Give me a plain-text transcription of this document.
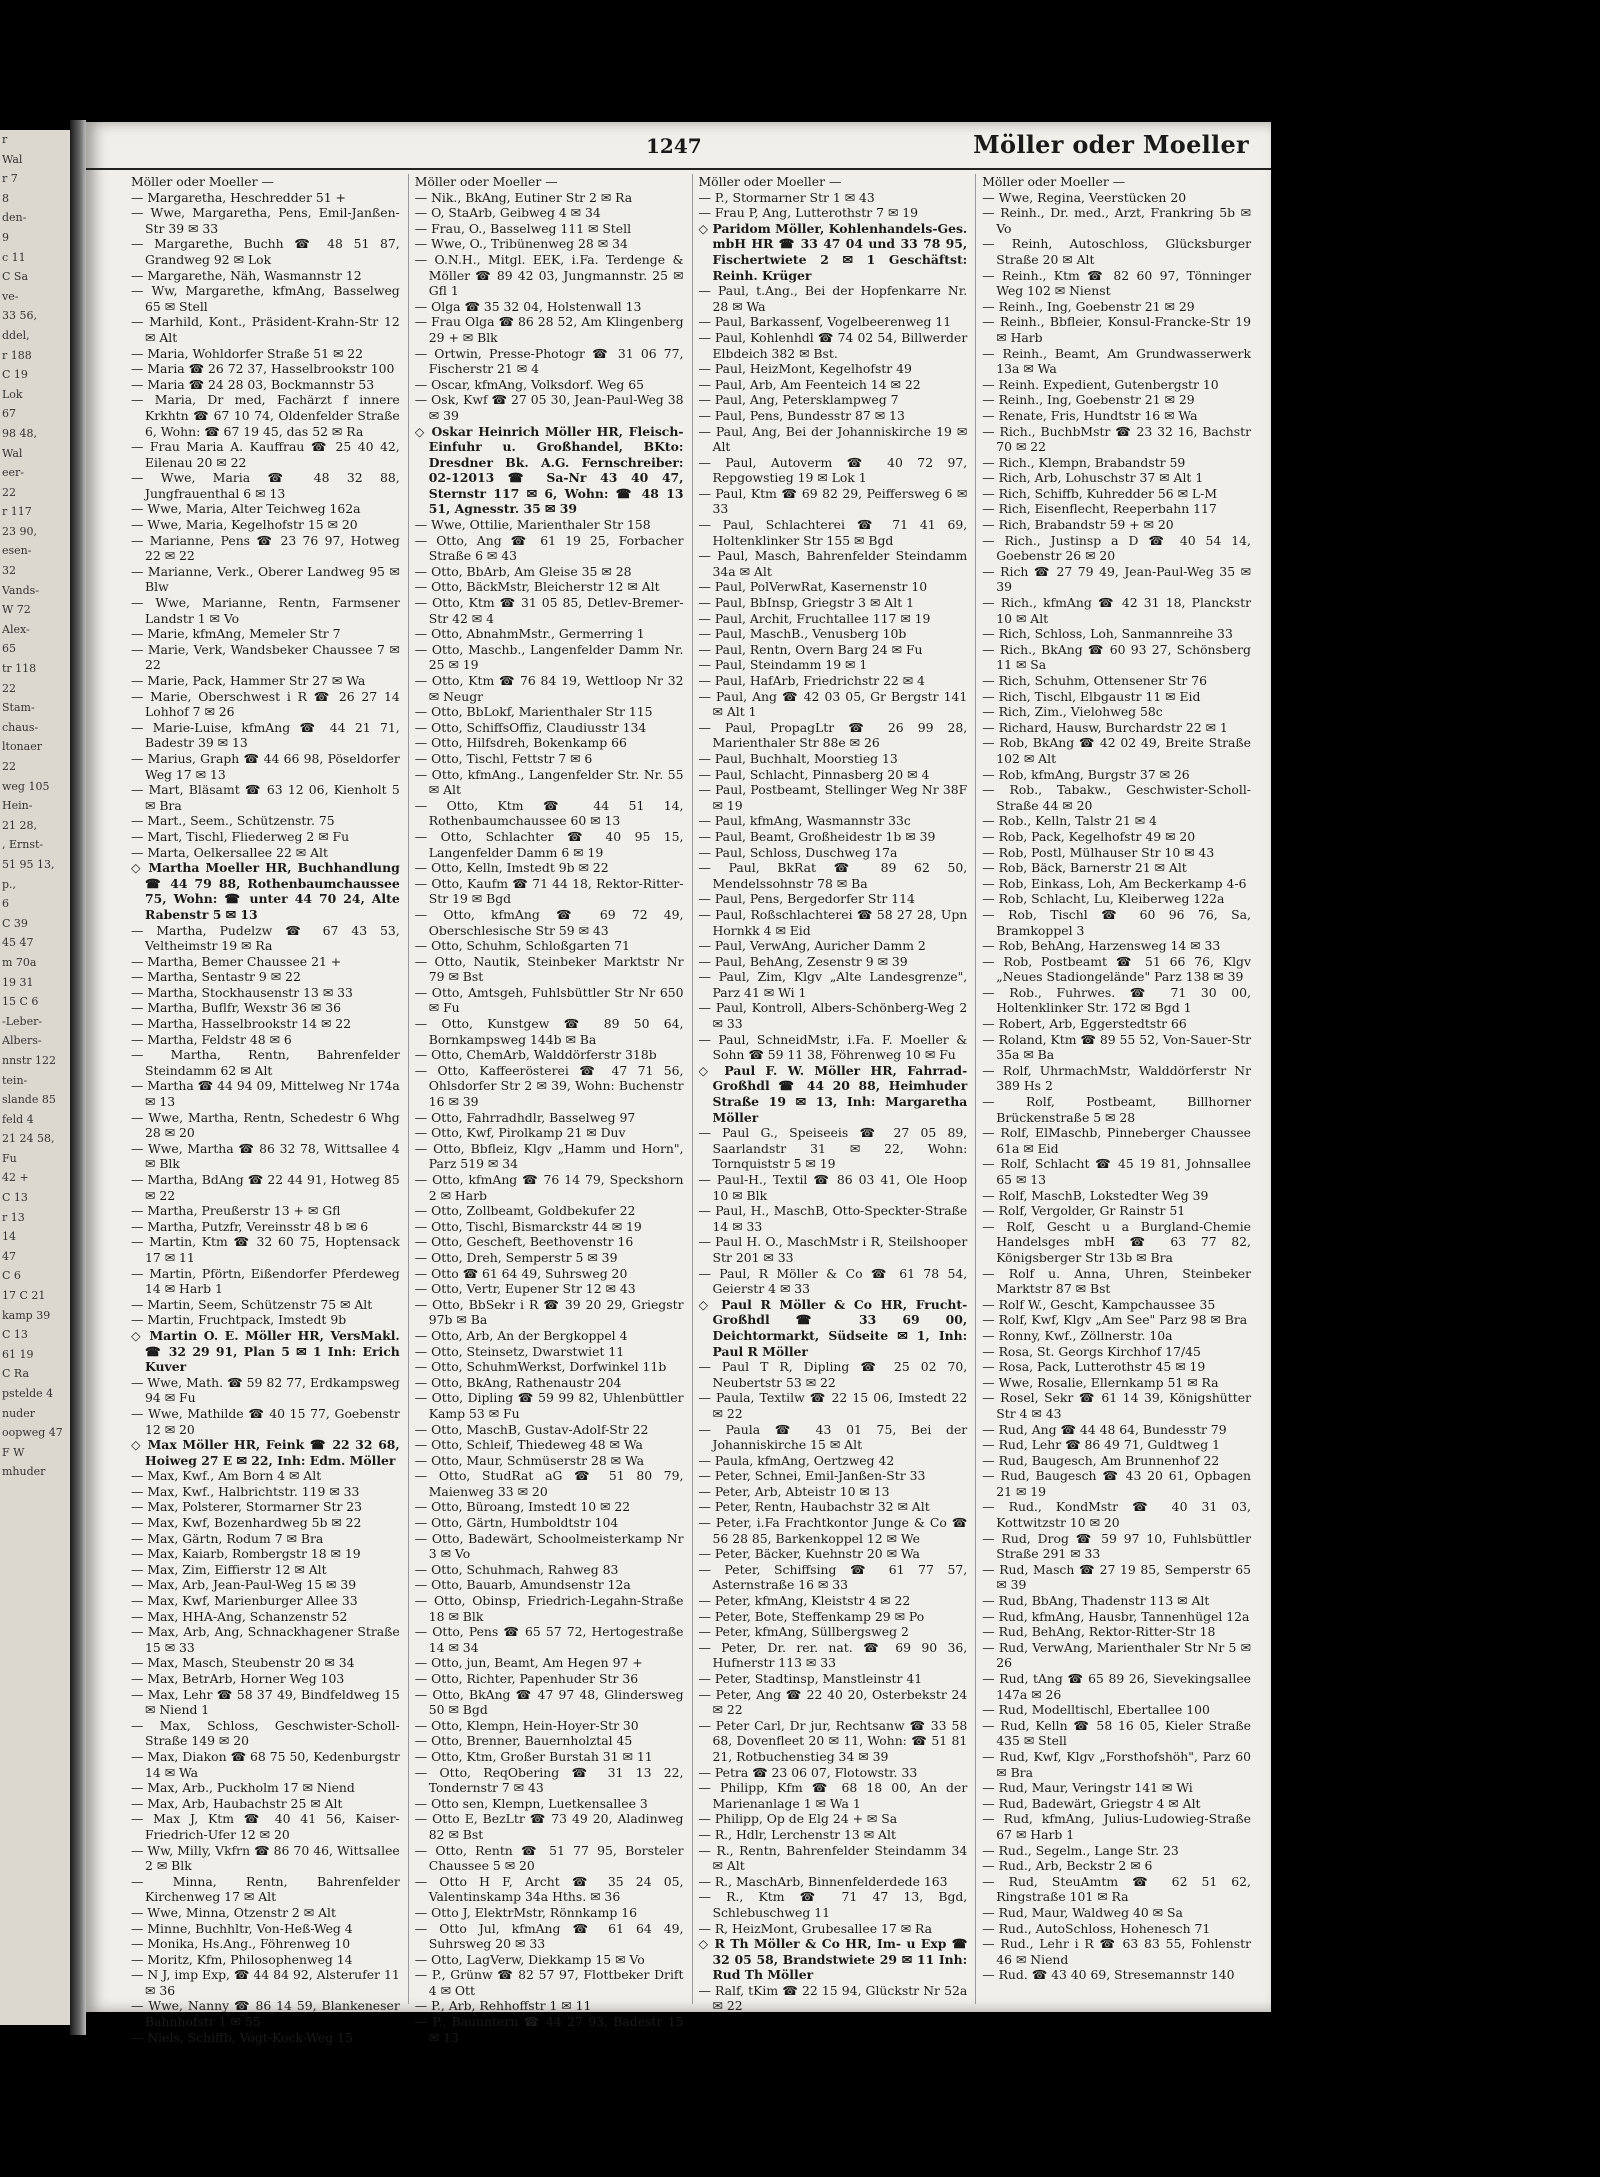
r
Wal
r 7
8
den-
9
c 11
C Sa
ve-
33 56,
ddel,
r 188
C 19
Lok
67
98 48,
Wal
eer-
22
r 117
23 90,
esen-
32
Vands-
W 72
Alex-
65
tr 118
22
Stam-
chaus-
ltonaer
22
weg 105
Hein-
21 28,
, Ernst-
51 95 13,
p.,
6
C 39
45 47
m 70a
19 31
15 C 6
-Leber-
Albers-
nnstr 122
tein-
slande 85
feld 4
21 24 58,
Fu
42 +
C 13
r 13
14
47
C 6
17 C 21
kamp 39
C 13
61 19
C Ra
pstelde 4
nuder
oopweg 47
F W
mhuder
1247	Möller oder Moeller
Möller oder Moeller —
— Margaretha, Heschredder 51 +
— Wwe, Margaretha, Pens, Emil-Janßen-Str 39 ✉ 33
— Margarethe, Buchh ☎ 48 51 87, Grandweg 92 ✉ Lok
— Margarethe, Näh, Wasmannstr 12
— Ww, Margarethe, kfmAng, Basselweg 65 ✉ Stell
— Marhild, Kont., Präsident-Krahn-Str 12 ✉ Alt
— Maria, Wohldorfer Straße 51 ✉ 22
— Maria ☎ 26 72 37, Hasselbrookstr 100
— Maria ☎ 24 28 03, Bockmannstr 53
— Maria, Dr med, Fachärzt f innere Krkhtn ☎ 67 10 74, Oldenfelder Straße 6, Wohn: ☎ 67 19 45, das 52 ✉ Ra
— Frau Maria A. Kauffrau ☎ 25 40 42, Eilenau 20 ✉ 22
— Wwe, Maria ☎ 48 32 88, Jungfrauenthal 6 ✉ 13
— Wwe, Maria, Alter Teichweg 162a
— Wwe, Maria, Kegelhofstr 15 ✉ 20
— Marianne, Pens ☎ 23 76 97, Hotweg 22 ✉ 22
— Marianne, Verk., Oberer Landweg 95 ✉ Blw
— Wwe, Marianne, Rentn, Farmsener Landstr 1 ✉ Vo
— Marie, kfmAng, Memeler Str 7
— Marie, Verk, Wandsbeker Chaussee 7 ✉ 22
— Marie, Pack, Hammer Str 27 ✉ Wa
— Marie, Oberschwest i R ☎ 26 27 14 Lohhof 7 ✉ 26
— Marie-Luise, kfmAng ☎ 44 21 71, Badestr 39 ✉ 13
— Marius, Graph ☎ 44 66 98, Pöseldorfer Weg 17 ✉ 13
— Mart, Bläsamt ☎ 63 12 06, Kienholt 5 ✉ Bra
— Mart., Seem., Schützenstr. 75
— Mart, Tischl, Fliederweg 2 ✉ Fu
— Marta, Oelkersallee 22 ✉ Alt
◇ Martha Moeller HR, Buchhandlung ☎ 44 79 88, Rothenbaumchaussee 75, Wohn: ☎ unter 44 70 24, Alte Rabenstr 5 ✉ 13
— Martha, Pudelzw ☎ 67 43 53, Veltheimstr 19 ✉ Ra
— Martha, Bemer Chaussee 21 +
— Martha, Sentastr 9 ✉ 22
— Martha, Stockhausenstr 13 ✉ 33
— Martha, Buflfr, Wexstr 36 ✉ 36
— Martha, Hasselbrookstr 14 ✉ 22
— Martha, Feldstr 48 ✉ 6
— Martha, Rentn, Bahrenfelder Steindamm 62 ✉ Alt
— Martha ☎ 44 94 09, Mittelweg Nr 174a ✉ 13
— Wwe, Martha, Rentn, Schedestr 6 Whg 28 ✉ 20
— Wwe, Martha ☎ 86 32 78, Wittsallee 4 ✉ Blk
— Martha, BdAng ☎ 22 44 91, Hotweg 85 ✉ 22
— Martha, Preußerstr 13 + ✉ Gfl
— Martha, Putzfr, Vereinsstr 48 b ✉ 6
— Martin, Ktm ☎ 32 60 75, Hoptensack 17 ✉ 11
— Martin, Pförtn, Eißendorfer Pferdeweg 14 ✉ Harb 1
— Martin, Seem, Schützenstr 75 ✉ Alt
— Martin, Fruchtpack, Imstedt 9b
◇ Martin O. E. Möller HR, VersMakl. ☎ 32 29 91, Plan 5 ✉ 1 Inh: Erich Kuver
— Wwe, Math. ☎ 59 82 77, Erdkampsweg 94 ✉ Fu
— Wwe, Mathilde ☎ 40 15 77, Goebenstr 12 ✉ 20
◇ Max Möller HR, Feink ☎ 22 32 68, Hoiweg 27 E ✉ 22, Inh: Edm. Möller
— Max, Kwf., Am Born 4 ✉ Alt
— Max, Kwf., Halbrichtstr. 119 ✉ 33
— Max, Polsterer, Stormarner Str 23
— Max, Kwf, Bozenhardweg 5b ✉ 22
— Max, Gärtn, Rodum 7 ✉ Bra
— Max, Kaiarb, Rombergstr 18 ✉ 19
— Max, Zim, Eiffierstr 12 ✉ Alt
— Max, Arb, Jean-Paul-Weg 15 ✉ 39
— Max, Kwf, Marienburger Allee 33
— Max, HHA-Ang, Schanzenstr 52
— Max, Arb, Ang, Schnackhagener Straße 15 ✉ 33
— Max, Masch, Steubenstr 20 ✉ 34
— Max, BetrArb, Horner Weg 103
— Max, Lehr ☎ 58 37 49, Bindfeldweg 15 ✉ Niend 1
— Max, Schloss, Geschwister-Scholl-Straße 149 ✉ 20
— Max, Diakon ☎ 68 75 50, Kedenburgstr 14 ✉ Wa
— Max, Arb., Puckholm 17 ✉ Niend
— Max, Arb, Haubachstr 25 ✉ Alt
— Max J, Ktm ☎ 40 41 56, Kaiser-Friedrich-Ufer 12 ✉ 20
— Ww, Milly, Vkfrn ☎ 86 70 46, Wittsallee 2 ✉ Blk
— Minna, Rentn, Bahrenfelder Kirchenweg 17 ✉ Alt
— Wwe, Minna, Otzenstr 2 ✉ Alt
— Minne, Buchhltr, Von-Heß-Weg 4
— Monika, Hs.Ang., Föhrenweg 10
— Moritz, Kfm, Philosophenweg 14
— N J, imp Exp, ☎ 44 84 92, Alsterufer 11 ✉ 36
— Wwe, Nanny ☎ 86 14 59, Blankeneser Bahnhofstr 1 ✉ 55
— Niels, Schiffb, Vogt-Kock-Weg 15
Möller oder Moeller —
— Nik., BkAng, Eutiner Str 2 ✉ Ra
— O, StaArb, Geibweg 4 ✉ 34
— Frau, O., Basselweg 111 ✉ Stell
— Wwe, O., Tribünenweg 28 ✉ 34
— O.N.H., Mitgl. EEK, i.Fa. Terdenge & Möller ☎ 89 42 03, Jungmannstr. 25 ✉ Gfl 1
— Olga ☎ 35 32 04, Holstenwall 13
— Frau Olga ☎ 86 28 52, Am Klingenberg 29 + ✉ Blk
— Ortwin, Presse-Photogr ☎ 31 06 77, Fischerstr 21 ✉ 4
— Oscar, kfmAng, Volksdorf. Weg 65
— Osk, Kwf ☎ 27 05 30, Jean-Paul-Weg 38 ✉ 39
◇ Oskar Heinrich Möller HR, Fleisch-Einfuhr u. Großhandel, BKto: Dresdner Bk. A.G. Fernschreiber: 02-12013 ☎ Sa-Nr 43 40 47, Sternstr 117 ✉ 6, Wohn: ☎ 48 13 51, Agnesstr. 35 ✉ 39
— Wwe, Ottilie, Marienthaler Str 158
— Otto, Ang ☎ 61 19 25, Forbacher Straße 6 ✉ 43
— Otto, BbArb, Am Gleise 35 ✉ 28
— Otto, BäckMstr, Bleicherstr 12 ✉ Alt
— Otto, Ktm ☎ 31 05 85, Detlev-Bremer-Str 42 ✉ 4
— Otto, AbnahmMstr., Germerring 1
— Otto, Maschb., Langenfelder Damm Nr. 25 ✉ 19
— Otto, Ktm ☎ 76 84 19, Wettloop Nr 32 ✉ Neugr
— Otto, BbLokf, Marienthaler Str 115
— Otto, SchiffsOffiz, Claudiusstr 134
— Otto, Hilfsdreh, Bokenkamp 66
— Otto, Tischl, Fettstr 7 ✉ 6
— Otto, kfmAng., Langenfelder Str. Nr. 55 ✉ Alt
— Otto, Ktm ☎ 44 51 14, Rothenbaumchaussee 60 ✉ 13
— Otto, Schlachter ☎ 40 95 15, Langenfelder Damm 6 ✉ 19
— Otto, Kelln, Imstedt 9b ✉ 22
— Otto, Kaufm ☎ 71 44 18, Rektor-Ritter-Str 19 ✉ Bgd
— Otto, kfmAng ☎ 69 72 49, Oberschlesische Str 59 ✉ 43
— Otto, Schuhm, Schloßgarten 71
— Otto, Nautik, Steinbeker Marktstr Nr 79 ✉ Bst
— Otto, Amtsgeh, Fuhlsbüttler Str Nr 650 ✉ Fu
— Otto, Kunstgew ☎ 89 50 64, Bornkampsweg 144b ✉ Ba
— Otto, ChemArb, Walddörferstr 318b
— Otto, Kaffeerösterei ☎ 47 71 56, Ohlsdorfer Str 2 ✉ 39, Wohn: Buchenstr 16 ✉ 39
— Otto, Fahrradhdlr, Basselweg 97
— Otto, Kwf, Pirolkamp 21 ✉ Duv
— Otto, Bbfleiz, Klgv „Hamm und Horn", Parz 519 ✉ 34
— Otto, kfmAng ☎ 76 14 79, Speckshorn 2 ✉ Harb
— Otto, Zollbeamt, Goldbekufer 22
— Otto, Tischl, Bismarckstr 44 ✉ 19
— Otto, Gescheft, Beethovenstr 16
— Otto, Dreh, Semperstr 5 ✉ 39
— Otto ☎ 61 64 49, Suhrsweg 20
— Otto, Vertr, Eupener Str 12 ✉ 43
— Otto, BbSekr i R ☎ 39 20 29, Griegstr 97b ✉ Ba
— Otto, Arb, An der Bergkoppel 4
— Otto, Steinsetz, Dwarstwiet 11
— Otto, SchuhmWerkst, Dorfwinkel 11b
— Otto, BkAng, Rathenaustr 204
— Otto, Dipling ☎ 59 99 82, Uhlenbüttler Kamp 53 ✉ Fu
— Otto, MaschB, Gustav-Adolf-Str 22
— Otto, Schleif, Thiedeweg 48 ✉ Wa
— Otto, Maur, Schmüserstr 28 ✉ Wa
— Otto, StudRat aG ☎ 51 80 79, Maienweg 33 ✉ 20
— Otto, Büroang, Imstedt 10 ✉ 22
— Otto, Gärtn, Humboldtstr 104
— Otto, Badewärt, Schoolmeisterkamp Nr 3 ✉ Vo
— Otto, Schuhmach, Rahweg 83
— Otto, Bauarb, Amundsenstr 12a
— Otto, Obinsp, Friedrich-Legahn-Straße 18 ✉ Blk
— Otto, Pens ☎ 65 57 72, Hertogestraße 14 ✉ 34
— Otto, jun, Beamt, Am Hegen 97 +
— Otto, Richter, Papenhuder Str 36
— Otto, BkAng ☎ 47 97 48, Glindersweg 50 ✉ Bgd
— Otto, Klempn, Hein-Hoyer-Str 30
— Otto, Brenner, Bauernholztal 45
— Otto, Ktm, Großer Burstah 31 ✉ 11
— Otto, ReqObering ☎ 31 13 22, Tondernstr 7 ✉ 43
— Otto sen, Klempn, Luetkensallee 3
— Otto E, BezLtr ☎ 73 49 20, Aladinweg 82 ✉ Bst
— Otto, Rentn ☎ 51 77 95, Borsteler Chaussee 5 ✉ 20
— Otto H F, Archt ☎ 35 24 05, Valentinskamp 34a Hths. ✉ 36
— Otto J, ElektrMstr, Rönnkamp 16
— Otto Jul, kfmAng ☎ 61 64 49, Suhrsweg 20 ✉ 33
— Otto, LagVerw, Diekkamp 15 ✉ Vo
— P., Grünw ☎ 82 57 97, Flottbeker Drift 4 ✉ Ott
— P., Arb, Rehhoffstr 1 ✉ 11
— P., Bauuntern ☎ 44 27 93, Badestr 15 ✉ 13
Möller oder Moeller —
— P., Stormarner Str 1 ✉ 43
— Frau P, Ang, Lutterothstr 7 ✉ 19
◇ Paridom Möller, Kohlenhandels-Ges. mbH HR ☎ 33 47 04 und 33 78 95, Fischertwiete 2 ✉ 1 Geschäftst: Reinh. Krüger
— Paul, t.Ang., Bei der Hopfenkarre Nr. 28 ✉ Wa
— Paul, Barkassenf, Vogelbeerenweg 11
— Paul, Kohlenhdl ☎ 74 02 54, Billwerder Elbdeich 382 ✉ Bst.
— Paul, HeizMont, Kegelhofstr 49
— Paul, Arb, Am Feenteich 14 ✉ 22
— Paul, Ang, Petersklampweg 7
— Paul, Pens, Bundesstr 87 ✉ 13
— Paul, Ang, Bei der Johanniskirche 19 ✉ Alt
— Paul, Autoverm ☎ 40 72 97, Repgowstieg 19 ✉ Lok 1
— Paul, Ktm ☎ 69 82 29, Peiffersweg 6 ✉ 33
— Paul, Schlachterei ☎ 71 41 69, Holtenklinker Str 155 ✉ Bgd
— Paul, Masch, Bahrenfelder Steindamm 34a ✉ Alt
— Paul, PolVerwRat, Kasernenstr 10
— Paul, BbInsp, Griegstr 3 ✉ Alt 1
— Paul, Archit, Fruchtallee 117 ✉ 19
— Paul, MaschB., Venusberg 10b
— Paul, Rentn, Overn Barg 24 ✉ Fu
— Paul, Steindamm 19 ✉ 1
— Paul, HafArb, Friedrichstr 22 ✉ 4
— Paul, Ang ☎ 42 03 05, Gr Bergstr 141 ✉ Alt 1
— Paul, PropagLtr ☎ 26 99 28, Marienthaler Str 88e ✉ 26
— Paul, Buchhalt, Moorstieg 13
— Paul, Schlacht, Pinnasberg 20 ✉ 4
— Paul, Postbeamt, Stellinger Weg Nr 38F ✉ 19
— Paul, kfmAng, Wasmannstr 33c
— Paul, Beamt, Großheidestr 1b ✉ 39
— Paul, Schloss, Duschweg 17a
— Paul, BkRat ☎ 89 62 50, Mendelssohnstr 78 ✉ Ba
— Paul, Pens, Bergedorfer Str 114
— Paul, Roßschlachterei ☎ 58 27 28, Upn Hornkk 4 ✉ Eid
— Paul, VerwAng, Auricher Damm 2
— Paul, BehAng, Zesenstr 9 ✉ 39
— Paul, Zim, Klgv „Alte Landesgrenze", Parz 41 ✉ Wi 1
— Paul, Kontroll, Albers-Schönberg-Weg 2 ✉ 33
— Paul, SchneidMstr, i.Fa. F. Moeller & Sohn ☎ 59 11 38, Föhrenweg 10 ✉ Fu
◇ Paul F. W. Möller HR, Fahrrad-Großhdl ☎ 44 20 88, Heimhuder Straße 19 ✉ 13, Inh: Margaretha Möller
— Paul G., Speiseeis ☎ 27 05 89, Saarlandstr 31 ✉ 22, Wohn: Tornquiststr 5 ✉ 19
— Paul-H., Textil ☎ 86 03 41, Ole Hoop 10 ✉ Blk
— Paul, H., MaschB, Otto-Speckter-Straße 14 ✉ 33
— Paul H. O., MaschMstr i R, Steilshooper Str 201 ✉ 33
— Paul, R Möller & Co ☎ 61 78 54, Geierstr 4 ✉ 33
◇ Paul R Möller & Co HR, Frucht-Großhdl ☎ 33 69 00, Deichtormarkt, Südseite ✉ 1, Inh: Paul R Möller
— Paul T R, Dipling ☎ 25 02 70, Neubertstr 53 ✉ 22
— Paula, Textilw ☎ 22 15 06, Imstedt 22 ✉ 22
— Paula ☎ 43 01 75, Bei der Johanniskirche 15 ✉ Alt
— Paula, kfmAng, Oertzweg 42
— Peter, Schnei, Emil-Janßen-Str 33
— Peter, Arb, Abteistr 10 ✉ 13
— Peter, Rentn, Haubachstr 32 ✉ Alt
— Peter, i.Fa Frachtkontor Junge & Co ☎ 56 28 85, Barkenkoppel 12 ✉ We
— Peter, Bäcker, Kuehnstr 20 ✉ Wa
— Peter, Schiffsing ☎ 61 77 57, Asternstraße 16 ✉ 33
— Peter, kfmAng, Kleiststr 4 ✉ 22
— Peter, Bote, Steffenkamp 29 ✉ Po
— Peter, kfmAng, Süllbergsweg 2
— Peter, Dr. rer. nat. ☎ 69 90 36, Hufnerstr 113 ✉ 33
— Peter, Stadtinsp, Manstleinstr 41
— Peter, Ang ☎ 22 40 20, Osterbekstr 24 ✉ 22
— Peter Carl, Dr jur, Rechtsanw ☎ 33 58 68, Dovenfleet 20 ✉ 11, Wohn: ☎ 51 81 21, Rotbuchenstieg 34 ✉ 39
— Petra ☎ 23 06 07, Flotowstr. 33
— Philipp, Kfm ☎ 68 18 00, An der Marienanlage 1 ✉ Wa 1
— Philipp, Op de Elg 24 + ✉ Sa
— R., Hdlr, Lerchenstr 13 ✉ Alt
— R., Rentn, Bahrenfelder Steindamm 34 ✉ Alt
— R., MaschArb, Binnenfelderdede 163
— R., Ktm ☎ 71 47 13, Bgd, Schlebuschweg 11
— R, HeizMont, Grubesallee 17 ✉ Ra
◇ R Th Möller & Co HR, Im- u Exp ☎ 32 05 58, Brandstwiete 29 ✉ 11 Inh: Rud Th Möller
— Ralf, tKim ☎ 22 15 94, Glückstr Nr 52a ✉ 22
Möller oder Moeller —
— Wwe, Regina, Veerstücken 20
— Reinh., Dr. med., Arzt, Frankring 5b ✉ Vo
— Reinh, Autoschloss, Glücksburger Straße 20 ✉ Alt
— Reinh., Ktm ☎ 82 60 97, Tönninger Weg 102 ✉ Nienst
— Reinh., Ing, Goebenstr 21 ✉ 29
— Reinh., Bbfleier, Konsul-Francke-Str 19 ✉ Harb
— Reinh., Beamt, Am Grundwasserwerk 13a ✉ Wa
— Reinh. Expedient, Gutenbergstr 10
— Reinh., Ing, Goebenstr 21 ✉ 29
— Renate, Fris, Hundtstr 16 ✉ Wa
— Rich., BuchbMstr ☎ 23 32 16, Bachstr 70 ✉ 22
— Rich., Klempn, Brabandstr 59
— Rich, Arb, Lohuschstr 37 ✉ Alt 1
— Rich, Schiffb, Kuhredder 56 ✉ L-M
— Rich, Eisenflecht, Reeperbahn 117
— Rich, Brabandstr 59 + ✉ 20
— Rich., Justinsp a D ☎ 40 54 14, Goebenstr 26 ✉ 20
— Rich ☎ 27 79 49, Jean-Paul-Weg 35 ✉ 39
— Rich., kfmAng ☎ 42 31 18, Planckstr 10 ✉ Alt
— Rich, Schloss, Loh, Sanmannreihe 33
— Rich., BkAng ☎ 60 93 27, Schönsberg 11 ✉ Sa
— Rich, Schuhm, Ottensener Str 76
— Rich, Tischl, Elbgaustr 11 ✉ Eid
— Rich, Zim., Vielohweg 58c
— Richard, Hausw, Burchardstr 22 ✉ 1
— Rob, BkAng ☎ 42 02 49, Breite Straße 102 ✉ Alt
— Rob, kfmAng, Burgstr 37 ✉ 26
— Rob., Tabakw., Geschwister-Scholl-Straße 44 ✉ 20
— Rob., Kelln, Talstr 21 ✉ 4
— Rob, Pack, Kegelhofstr 49 ✉ 20
— Rob, Postl, Mülhauser Str 10 ✉ 43
— Rob, Bäck, Barnerstr 21 ✉ Alt
— Rob, Einkass, Loh, Am Beckerkamp 4-6
— Rob, Schlacht, Lu, Kleiberweg 122a
— Rob, Tischl ☎ 60 96 76, Sa, Bramkoppel 3
— Rob, BehAng, Harzensweg 14 ✉ 33
— Rob, Postbeamt ☎ 51 66 76, Klgv „Neues Stadiongelände" Parz 138 ✉ 39
— Rob., Fuhrwes. ☎ 71 30 00, Holtenklinker Str. 172 ✉ Bgd 1
— Robert, Arb, Eggerstedtstr 66
— Roland, Ktm ☎ 89 55 52, Von-Sauer-Str 35a ✉ Ba
— Rolf, UhrmachMstr, Walddörferstr Nr 389 Hs 2
— Rolf, Postbeamt, Billhorner Brückenstraße 5 ✉ 28
— Rolf, ElMaschb, Pinneberger Chaussee 61a ✉ Eid
— Rolf, Schlacht ☎ 45 19 81, Johnsallee 65 ✉ 13
— Rolf, MaschB, Lokstedter Weg 39
— Rolf, Vergolder, Gr Rainstr 51
— Rolf, Gescht u a Burgland-Chemie Handelsges mbH ☎ 63 77 82, Königsberger Str 13b ✉ Bra
— Rolf u. Anna, Uhren, Steinbeker Marktstr 87 ✉ Bst
— Rolf W., Gescht, Kampchaussee 35
— Rolf, Kwf, Klgv „Am See" Parz 98 ✉ Bra
— Ronny, Kwf., Zöllnerstr. 10a
— Rosa, St. Georgs Kirchhof 17/45
— Rosa, Pack, Lutterothstr 45 ✉ 19
— Wwe, Rosalie, Ellernkamp 51 ✉ Ra
— Rosel, Sekr ☎ 61 14 39, Königshütter Str 4 ✉ 43
— Rud, Ang ☎ 44 48 64, Bundesstr 79
— Rud, Lehr ☎ 86 49 71, Guldtweg 1
— Rud, Baugesch, Am Brunnenhof 22
— Rud, Baugesch ☎ 43 20 61, Opbagen 21 ✉ 19
— Rud., KondMstr ☎ 40 31 03, Kottwitzstr 10 ✉ 20
— Rud, Drog ☎ 59 97 10, Fuhlsbüttler Straße 291 ✉ 33
— Rud, Masch ☎ 27 19 85, Semperstr 65 ✉ 39
— Rud, BbAng, Thadenstr 113 ✉ Alt
— Rud, kfmAng, Hausbr, Tannenhügel 12a
— Rud, BehAng, Rektor-Ritter-Str 18
— Rud, VerwAng, Marienthaler Str Nr 5 ✉ 26
— Rud, tAng ☎ 65 89 26, Sievekingsallee 147a ✉ 26
— Rud, Modelltischl, Ebertallee 100
— Rud, Kelln ☎ 58 16 05, Kieler Straße 435 ✉ Stell
— Rud, Kwf, Klgv „Forsthofshöh", Parz 60 ✉ Bra
— Rud, Maur, Veringstr 141 ✉ Wi
— Rud, Badewärt, Griegstr 4 ✉ Alt
— Rud, kfmAng, Julius-Ludowieg-Straße 67 ✉ Harb 1
— Rud., Segelm., Lange Str. 23
— Rud., Arb, Beckstr 2 ✉ 6
— Rud, SteuAmtm ☎ 62 51 62, Ringstraße 101 ✉ Ra
— Rud, Maur, Waldweg 40 ✉ Sa
— Rud., AutoSchloss, Hohenesch 71
— Rud., Lehr i R ☎ 63 83 55, Fohlenstr 46 ✉ Niend
— Rud. ☎ 43 40 69, Stresemannstr 140
